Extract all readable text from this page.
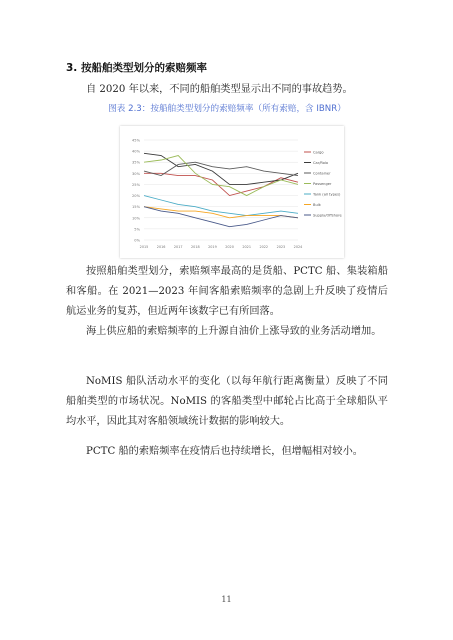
3. 按船舶类型划分的索赔频率
自 2020 年以来，不同的船舶类型显示出不同的事故趋势。
图表 2.3：按船舶类型划分的索赔频率（所有索赔，含 IBNR）
0%
5%
10%
15%
20%
25%
30%
35%
40%
45%
2015 2016 2017 2018 2019 2020 2021 2022 2023 2024
Cargo
Car/Rolo
Container
Passenger
Tank (all types)
Bulk
Supply/Offshore
按照船舶类型划分，索赔频率最高的是货船、PCTC 船、集装箱船和客船。在 2021—2023 年间客船索赔频率的急剧上升反映了疫情后航运业务的复苏，但近两年该数字已有所回落。
海上供应船的索赔频率的上升源自油价上涨导致的业务活动增加。
NoMIS 船队活动水平的变化（以每年航行距离衡量）反映了不同船舶类型的市场状况。NoMIS 的客船类型中邮轮占比高于全球船队平均水平，因此其对客船领域统计数据的影响较大。
PCTC 船的索赔频率在疫情后也持续增长，但增幅相对较小。
11
